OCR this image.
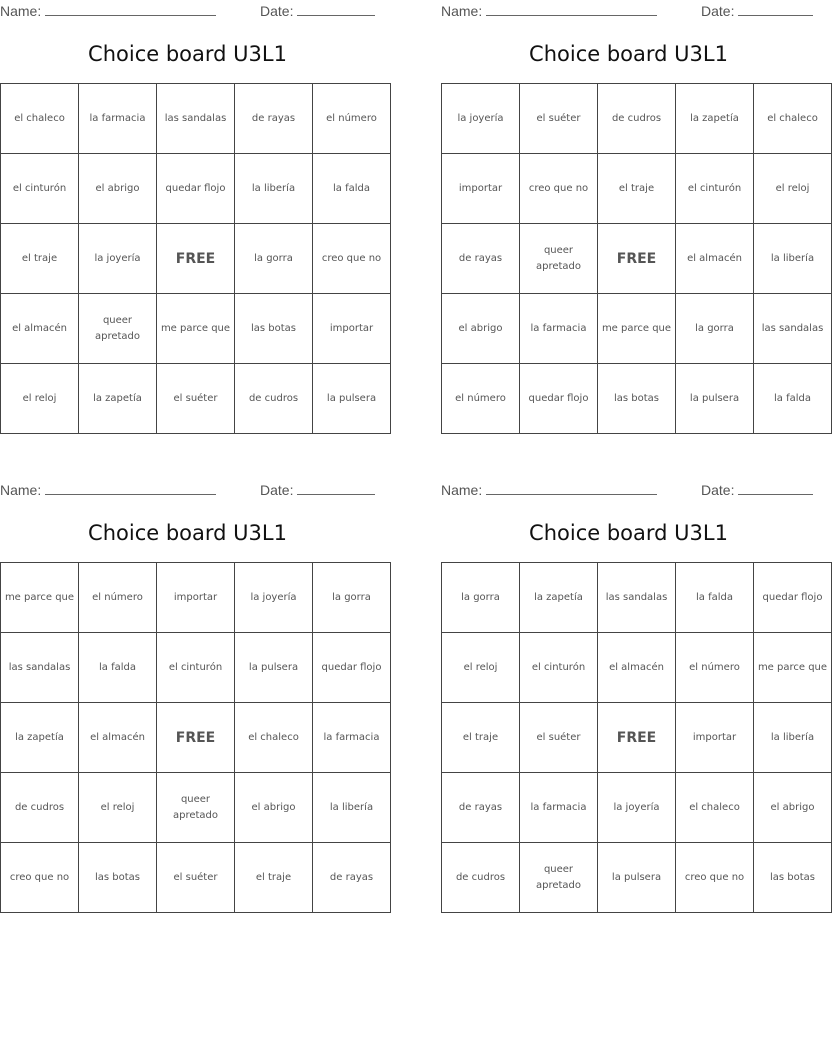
Name:	Date:
Choice board U3L1
el chaleco	la farmacia	las sandalas	de rayas	el número
el cinturón	el abrigo	quedar flojo	la libería	la falda
el traje	la joyería	FREE	la gorra	creo que no
el almacén	queer apretado	me parce que	las botas	importar
el reloj	la zapetía	el suéter	de cudros	la pulsera
Name:	Date:
Choice board U3L1
la joyería	el suéter	de cudros	la zapetía	el chaleco
importar	creo que no	el traje	el cinturón	el reloj
de rayas	queer apretado	FREE	el almacén	la libería
el abrigo	la farmacia	me parce que	la gorra	las sandalas
el número	quedar flojo	las botas	la pulsera	la falda
Name:	Date:
Choice board U3L1
me parce que	el número	importar	la joyería	la gorra
las sandalas	la falda	el cinturón	la pulsera	quedar flojo
la zapetía	el almacén	FREE	el chaleco	la farmacia
de cudros	el reloj	queer apretado	el abrigo	la libería
creo que no	las botas	el suéter	el traje	de rayas
Name:	Date:
Choice board U3L1
la gorra	la zapetía	las sandalas	la falda	quedar flojo
el reloj	el cinturón	el almacén	el número	me parce que
el traje	el suéter	FREE	importar	la libería
de rayas	la farmacia	la joyería	el chaleco	el abrigo
de cudros	queer apretado	la pulsera	creo que no	las botas
